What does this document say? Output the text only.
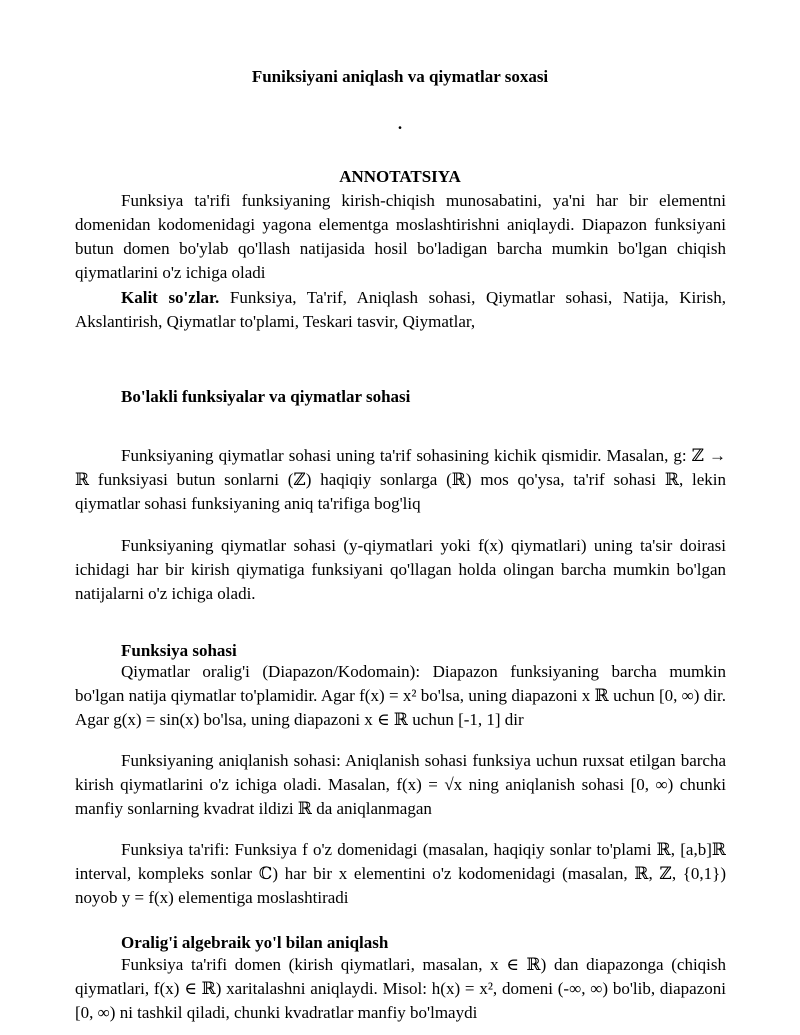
Funiksiyani aniqlash va qiymatlar soxasi
.
ANNOTATSIYA
Funksiya ta'rifi funksiyaning kirish-chiqish munosabatini, ya'ni har bir elementni domenidan kodomenidagi yagona elementga moslashtirishni aniqlaydi. Diapazon funksiyani butun domen bo'ylab qo'llash natijasida hosil bo'ladigan barcha mumkin bo'lgan chiqish qiymatlarini o'z ichiga oladi
Kalit so'zlar. Funksiya, Ta'rif, Aniqlash sohasi, Qiymatlar sohasi, Natija, Kirish, Akslantirish, Qiymatlar to'plami, Teskari tasvir, Qiymatlar,
Bo'lakli funksiyalar va qiymatlar sohasi
Funksiyaning qiymatlar sohasi uning ta'rif sohasining kichik qismidir. Masalan, g: ℤ → ℝ funksiyasi butun sonlarni (ℤ) haqiqiy sonlarga (ℝ) mos qo'ysa, ta'rif sohasi ℝ, lekin qiymatlar sohasi funksiyaning aniq ta'rifiga bog'liq
Funksiyaning qiymatlar sohasi (y-qiymatlari yoki f(x) qiymatlari) uning ta'sir doirasi ichidagi har bir kirish qiymatiga funksiyani qo'llagan holda olingan barcha mumkin bo'lgan natijalarni o'z ichiga oladi.
Funksiya sohasi
Qiymatlar oralig'i (Diapazon/Kodomain): Diapazon funksiyaning barcha mumkin bo'lgan natija qiymatlar to'plamidir. Agar f(x) = x² bo'lsa, uning diapazoni x ℝ uchun [0, ∞) dir. Agar g(x) = sin(x) bo'lsa, uning diapazoni x ∈ ℝ uchun [-1, 1] dir
Funksiyaning aniqlanish sohasi: Aniqlanish sohasi funksiya uchun ruxsat etilgan barcha kirish qiymatlarini o'z ichiga oladi. Masalan, f(x) = √x ning aniqlanish sohasi [0, ∞) chunki manfiy sonlarning kvadrat ildizi ℝ da aniqlanmagan
Funksiya ta'rifi: Funksiya f o'z domenidagi (masalan, haqiqiy sonlar to'plami ℝ, [a,b]ℝ interval, kompleks sonlar ℂ) har bir x elementini o'z kodomenidagi (masalan, ℝ, ℤ, {0,1}) noyob y = f(x) elementiga moslashtiradi
Oralig'i algebraik yo'l bilan aniqlash
Funksiya ta'rifi domen (kirish qiymatlari, masalan, x ∈ ℝ) dan diapazonga (chiqish qiymatlari, f(x) ∈ ℝ) xaritalashni aniqlaydi. Misol: h(x) = x², domeni (-∞, ∞) bo'lib, diapazoni [0, ∞) ni tashkil qiladi, chunki kvadratlar manfiy bo'lmaydi
